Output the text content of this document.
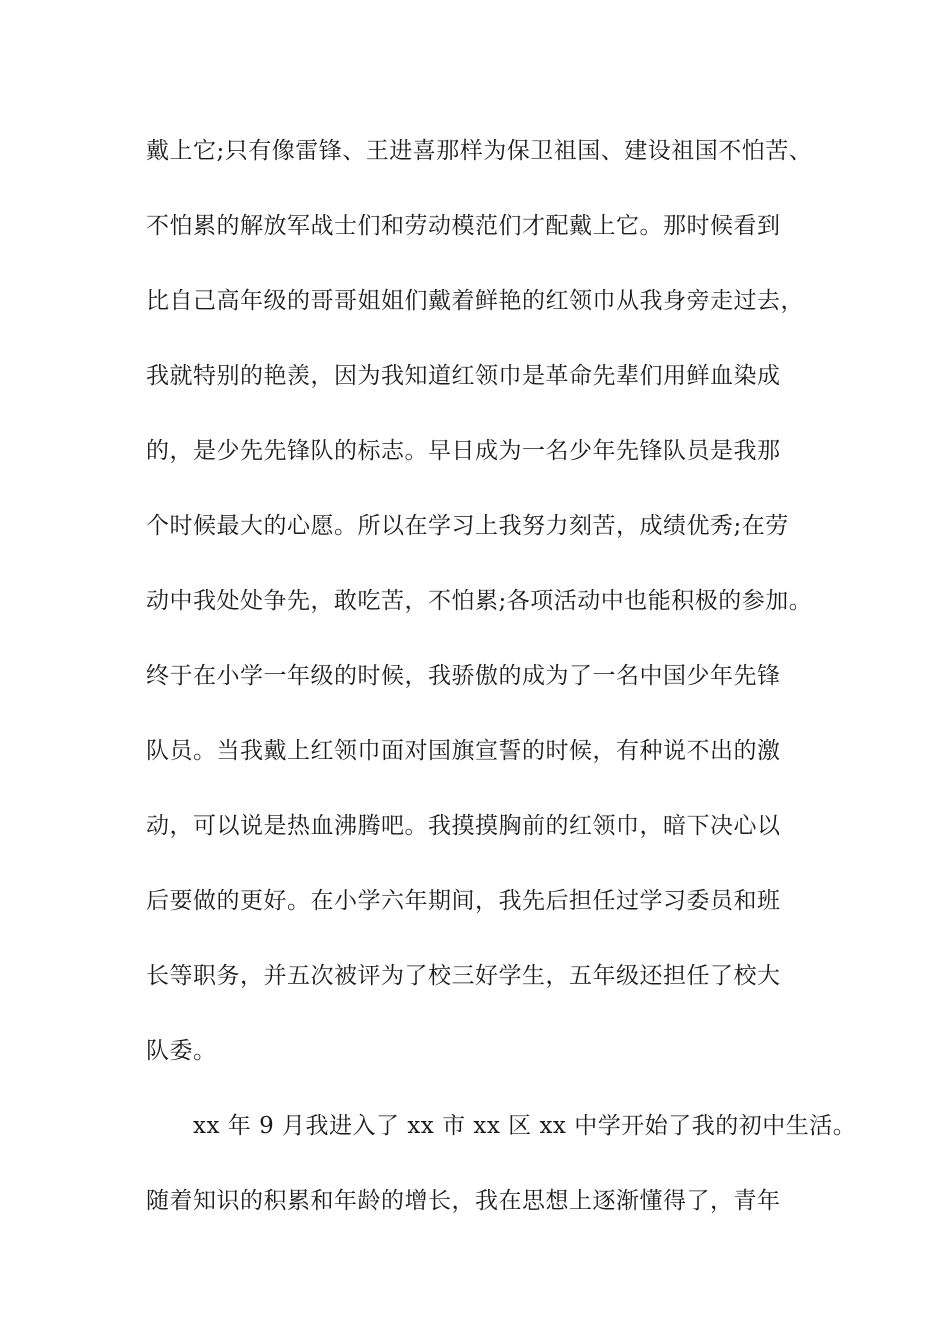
戴上它;只有像雷锋、王进喜那样为保卫祖国、建设祖国不怕苦、
不怕累的解放军战士们和劳动模范们才配戴上它。那时候看到
比自己高年级的哥哥姐姐们戴着鲜艳的红领巾从我身旁走过去，
我就特别的艳羡，因为我知道红领巾是革命先辈们用鲜血染成
的，是少先先锋队的标志。早日成为一名少年先锋队员是我那
个时候最大的心愿。所以在学习上我努力刻苦，成绩优秀;在劳
动中我处处争先，敢吃苦，不怕累;各项活动中也能积极的参加。
终于在小学一年级的时候，我骄傲的成为了一名中国少年先锋
队员。当我戴上红领巾面对国旗宣誓的时候，有种说不出的激
动，可以说是热血沸腾吧。我摸摸胸前的红领巾，暗下决心以
后要做的更好。在小学六年期间，我先后担任过学习委员和班
长等职务，并五次被评为了校三好学生，五年级还担任了校大
队委。
xx 年 9 月我进入了 xx 市 xx 区 xx 中学开始了我的初中生活。
随着知识的积累和年龄的增长，我在思想上逐渐懂得了，青年
